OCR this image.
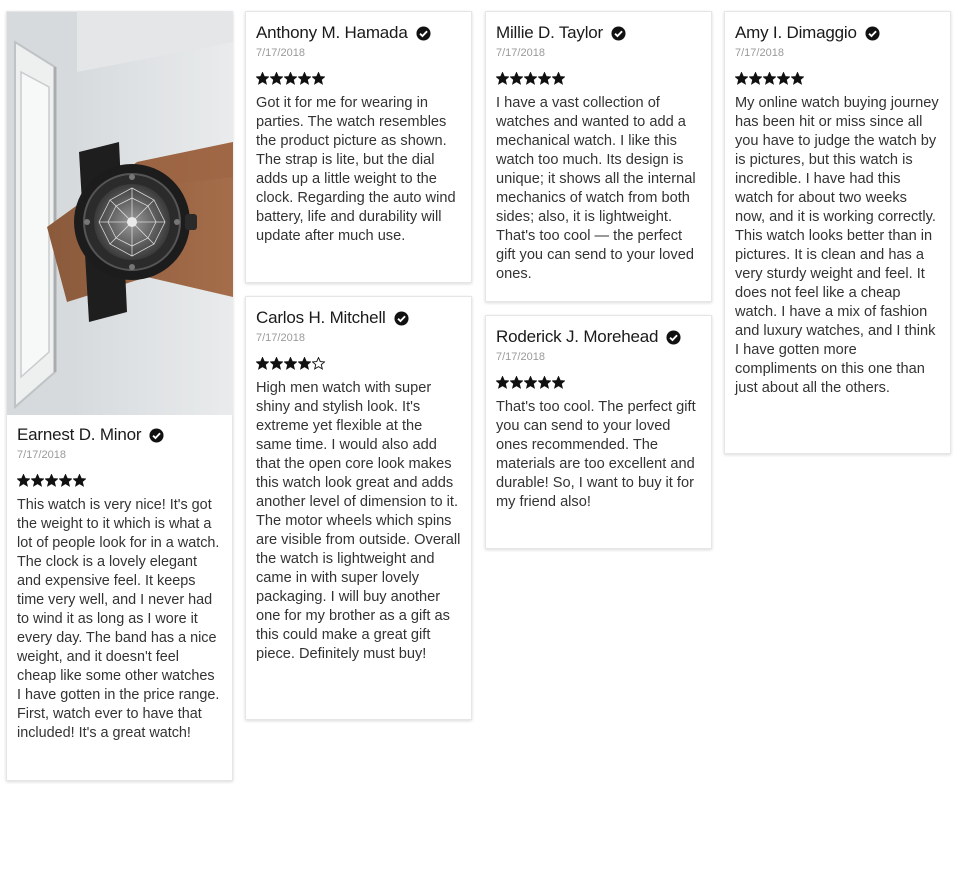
Earnest D. Minor
7/17/2018
This watch is very nice! It's got the weight to it which is what a lot of people look for in a watch. The clock is a lovely elegant and expensive feel. It keeps time very well, and I never had to wind it as long as I wore it every day. The band has a nice weight, and it doesn't feel cheap like some other watches I have gotten in the price range. First, watch ever to have that included! It's a great watch!
Anthony M. Hamada
7/17/2018
Got it for me for wearing in parties. The watch resembles the product picture as shown. The strap is lite, but the dial adds up a little weight to the clock. Regarding the auto wind battery, life and durability will update after much use.
Carlos H. Mitchell
7/17/2018
High men watch with super shiny and stylish look. It's extreme yet flexible at the same time. I would also add that the open core look makes this watch look great and adds another level of dimension to it. The motor wheels which spins are visible from outside. Overall the watch is lightweight and came in with super lovely packaging. I will buy another one for my brother as a gift as this could make a great gift piece. Definitely must buy!
Millie D. Taylor
7/17/2018
I have a vast collection of watches and wanted to add a mechanical watch. I like this watch too much. Its design is unique; it shows all the internal mechanics of watch from both sides; also, it is lightweight. That's too cool — the perfect gift you can send to your loved ones.
Roderick J. Morehead
7/17/2018
That's too cool. The perfect gift you can send to your loved ones recommended. The materials are too excellent and durable! So, I want to buy it for my friend also!
Amy I. Dimaggio
7/17/2018
My online watch buying journey has been hit or miss since all you have to judge the watch by is pictures, but this watch is incredible. I have had this watch for about two weeks now, and it is working correctly. This watch looks better than in pictures. It is clean and has a very sturdy weight and feel. It does not feel like a cheap watch. I have a mix of fashion and luxury watches, and I think I have gotten more compliments on this one than just about all the others.
